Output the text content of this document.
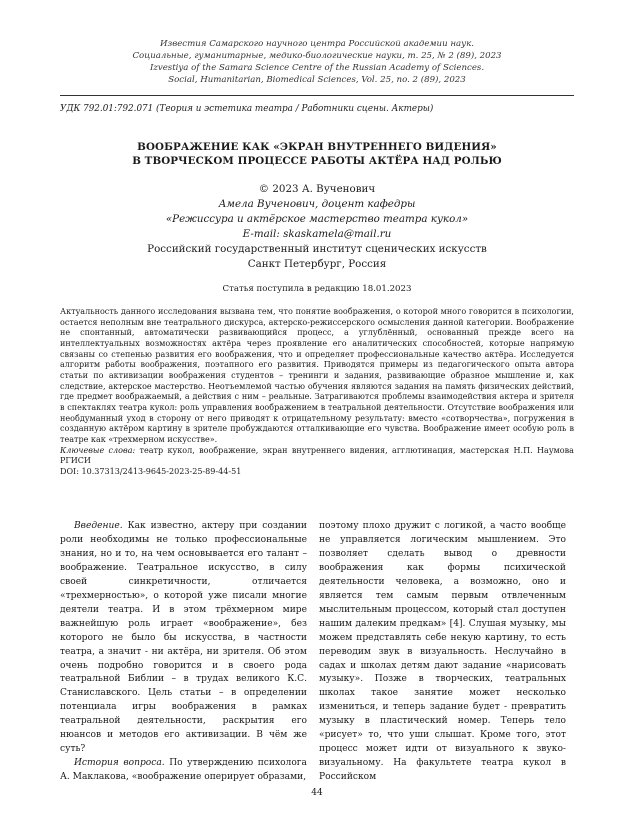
Известия Самарского научного центра Российской академии наук.
Социальные, гуманитарные, медико-биологические науки, т. 25, № 2 (89), 2023
Izvestiya of the Samara Science Centre of the Russian Academy of Sciences.
Social, Humanitarian, Biomedical Sciences, Vol. 25, no. 2 (89), 2023
УДК 792.01:792.071 (Теория и эстетика театра / Работники сцены. Актеры)
ВООБРАЖЕНИЕ КАК «ЭКРАН ВНУТРЕННЕГО ВИДЕНИЯ»
В ТВОРЧЕСКОМ ПРОЦЕССЕ РАБОТЫ АКТЁРА НАД РОЛЬЮ
© 2023 А. Вученович
Амела Вученович, доцент кафедры
«Режиссура и актёрское мастерство театра кукол»
E-mail: skaskamela@mail.ru
Российский государственный институт сценических искусств
Санкт Петербург, Россия
Статья поступила в редакцию 18.01.2023

Актуальность данного исследования вызвана тем, что понятие воображения, о которой много говорится в психологии, остается неполным вне театрального дискурса, актерско-режиссерского осмысления данной категории. Воображение не спонтанный, автоматически развивающийся процесс, а углублённый, основанный прежде всего на интеллектуальных возможностях актёра через проявление его аналитических способностей, которые напрямую связаны со степенью развития его воображения, что и определяет профессиональные качество актёра. Исследуется алгоритм работы воображения, поэтапного его развития. Приводятся примеры из педагогического опыта автора статьи по активизации воображения студентов – тренинги и задания, развивающие образное мышление и, как следствие, актерское мастерство. Неотъемлемой частью обучения являются задания на память физических действий, где предмет воображаемый, а действия с ним – реальные. Затрагиваются проблемы взаимодействия актера и зрителя в спектаклях театра кукол: роль управления воображением в театральной деятельности. Отсутствие воображения или необдуманный уход в сторону от него приводят к отрицательному результату: вместо «сотворчества», погружения в созданную актёром картину в зрителе пробуждаются отталкивающие его чувства. Воображение имеет особую роль в театре как «трехмерном искусстве».

Ключевые слова: театр кукол, воображение, экран внутреннего видения, агглютинация, мастерская Н.П. Наумова РГИСИ

DOI: 10.37313/2413-9645-2023-25-89-44-51

Введение. Как известно, актеру при создании роли необходимы не только профессиональные знания, но и то, на чем основывается его талант – воображение. Театральное искусство, в силу своей синкретичности, отличается «трехмерностью», о которой уже писали многие деятели театра. И в этом трёхмерном мире важнейшую роль играет «воображение», без которого не было бы искусства, в частности театра, а значит - ни актёра, ни зрителя. Об этом очень подробно говорится и в своего рода театральной Библии – в трудах великого К.С. Станиславского. Цель статьи – в определении потенциала игры воображения в рамках театральной деятельности, раскрытия его нюансов и методов его активизации. В чём же суть?

История вопроса. По утверждению психолога А. Маклакова, «воображение оперирует образами,

поэтому плохо дружит с логикой, а часто вообще не управляется логическим мышлением. Это позволяет сделать вывод о древности воображения как формы психической деятельности человека, а возможно, оно и является тем самым первым отвлеченным мыслительным процессом, который стал доступен нашим далеким предкам» [4]. Слушая музыку, мы можем представлять себе некую картину, то есть переводим звук в визуальность. Неслучайно в садах и школах детям дают задание «нарисовать музыку». Позже в творческих, театральных школах такое занятие может несколько измениться, и теперь задание будет - превратить музыку в пластический номер. Теперь тело «рисует» то, что уши слышат. Кроме того, этот процесс может идти от визуального к звуко-визуальному. На факультете театра кукол в Российском

44
